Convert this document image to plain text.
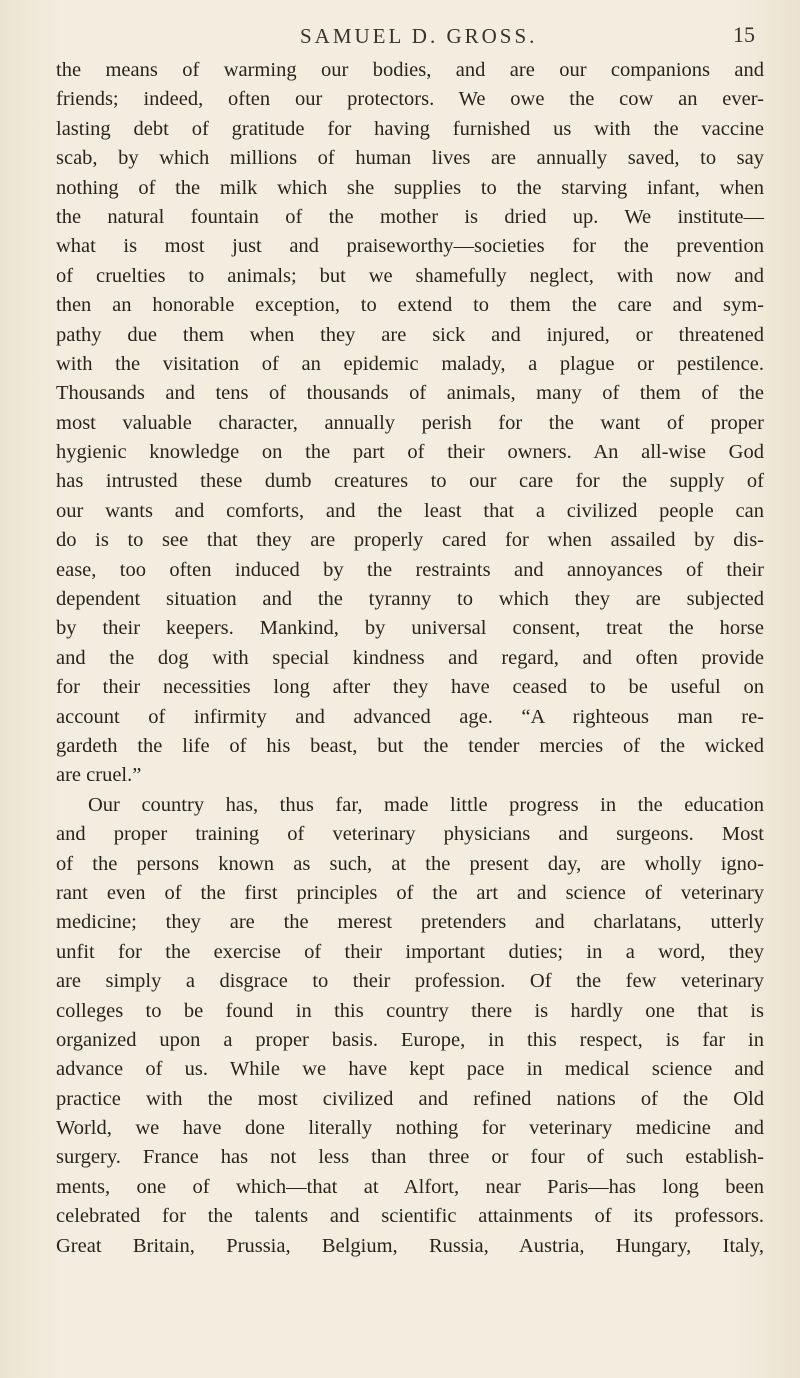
SAMUEL D. GROSS.	15
the means of warming our bodies, and are our companions and
friends; indeed, often our protectors. We owe the cow an ever-
lasting debt of gratitude for having furnished us with the vaccine
scab, by which millions of human lives are annually saved, to say
nothing of the milk which she supplies to the starving infant, when
the natural fountain of the mother is dried up. We institute—
what is most just and praiseworthy—societies for the prevention
of cruelties to animals; but we shamefully neglect, with now and
then an honorable exception, to extend to them the care and sym-
pathy due them when they are sick and injured, or threatened
with the visitation of an epidemic malady, a plague or pestilence.
Thousands and tens of thousands of animals, many of them of the
most valuable character, annually perish for the want of proper
hygienic knowledge on the part of their owners. An all-wise God
has intrusted these dumb creatures to our care for the supply of
our wants and comforts, and the least that a civilized people can
do is to see that they are properly cared for when assailed by dis-
ease, too often induced by the restraints and annoyances of their
dependent situation and the tyranny to which they are subjected
by their keepers. Mankind, by universal consent, treat the horse
and the dog with special kindness and regard, and often provide
for their necessities long after they have ceased to be useful on
account of infirmity and advanced age. “A righteous man re-
gardeth the life of his beast, but the tender mercies of the wicked
are cruel.”
Our country has, thus far, made little progress in the education
and proper training of veterinary physicians and surgeons. Most
of the persons known as such, at the present day, are wholly igno-
rant even of the first principles of the art and science of veterinary
medicine; they are the merest pretenders and charlatans, utterly
unfit for the exercise of their important duties; in a word, they
are simply a disgrace to their profession. Of the few veterinary
colleges to be found in this country there is hardly one that is
organized upon a proper basis. Europe, in this respect, is far in
advance of us. While we have kept pace in medical science and
practice with the most civilized and refined nations of the Old
World, we have done literally nothing for veterinary medicine and
surgery. France has not less than three or four of such establish-
ments, one of which—that at Alfort, near Paris—has long been
celebrated for the talents and scientific attainments of its professors.
Great Britain, Prussia, Belgium, Russia, Austria, Hungary, Italy,
